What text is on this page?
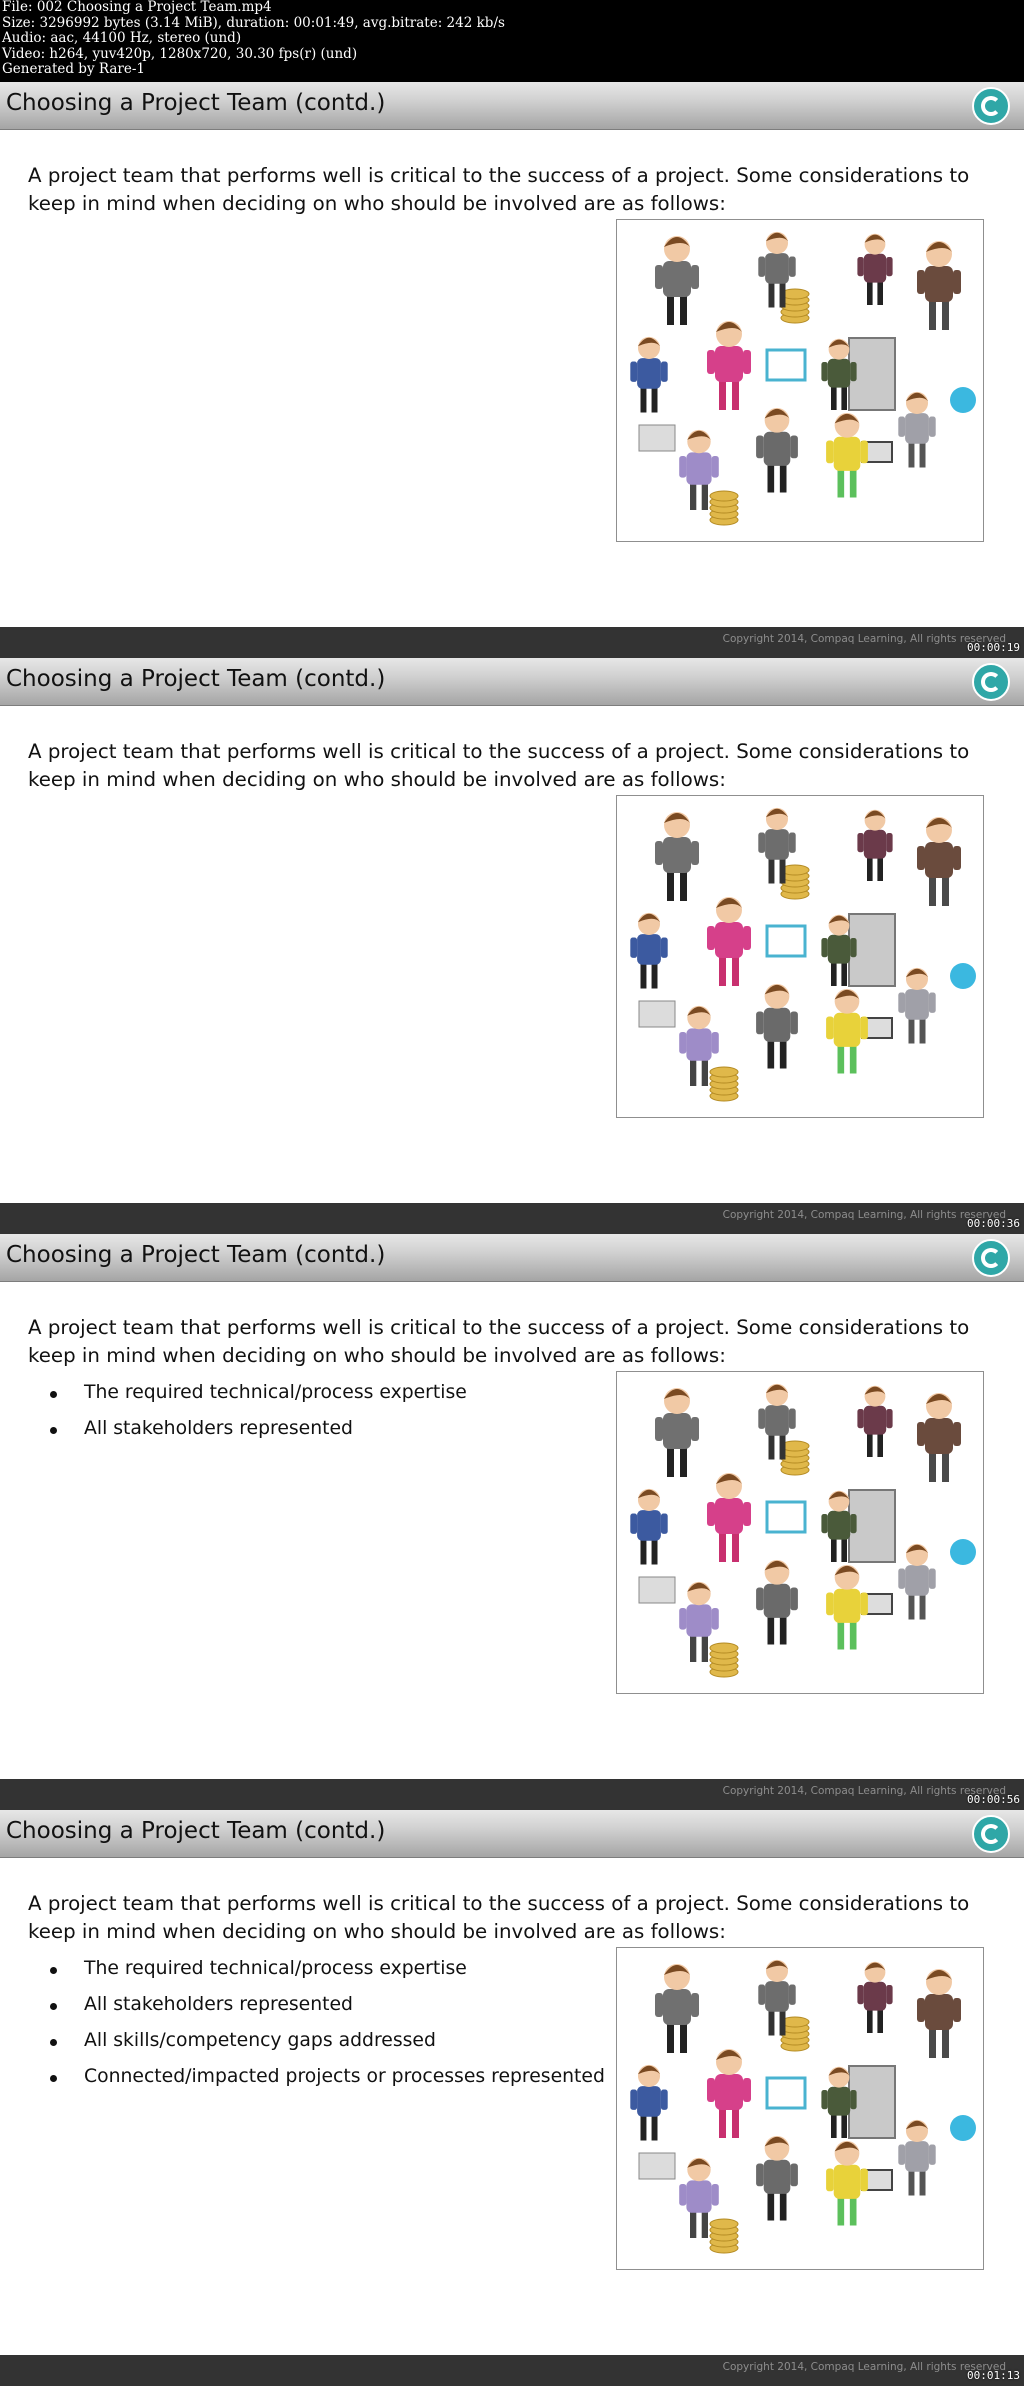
File: 002 Choosing a Project Team.mp4
Size: 3296992 bytes (3.14 MiB), duration: 00:01:49, avg.bitrate: 242 kb/s
Audio: aac, 44100 Hz, stereo (und)
Video: h264, yuv420p, 1280x720, 30.30 fps(r) (und)
Generated by Rare-1
Choosing a Project Team (contd.)
A project team that performs well is critical to the success of a project. Some considerations to keep in mind when deciding on who should be involved are as follows:
Copyright 2014, Compaq Learning, All rights reserved
00:00:19
Choosing a Project Team (contd.)
A project team that performs well is critical to the success of a project. Some considerations to keep in mind when deciding on who should be involved are as follows:
Copyright 2014, Compaq Learning, All rights reserved
00:00:36
Choosing a Project Team (contd.)
A project team that performs well is critical to the success of a project. Some considerations to keep in mind when deciding on who should be involved are as follows:
The required technical/process expertise
All stakeholders represented
Copyright 2014, Compaq Learning, All rights reserved
00:00:56
Choosing a Project Team (contd.)
A project team that performs well is critical to the success of a project. Some considerations to keep in mind when deciding on who should be involved are as follows:
The required technical/process expertise
All stakeholders represented
All skills/competency gaps addressed
Connected/impacted projects or processes represented
Copyright 2014, Compaq Learning, All rights reserved
00:01:13
